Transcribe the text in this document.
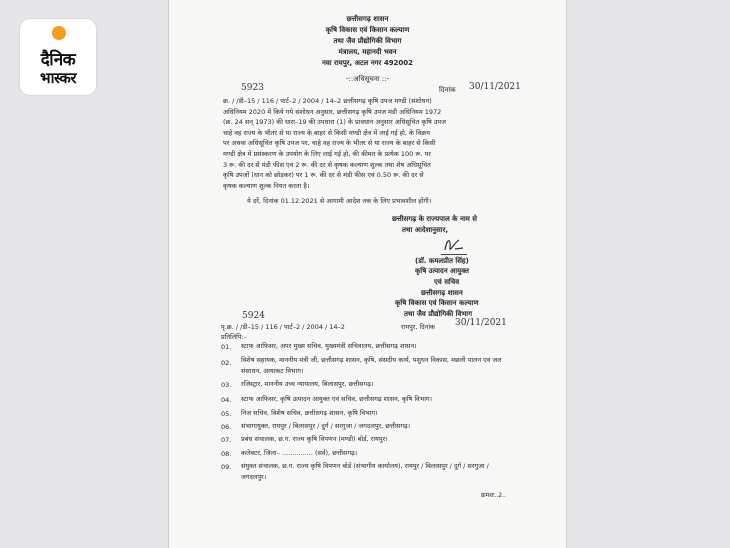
दैनिक
भास्कर
छत्तीसगढ़ शासन
कृषि विकास एवं किसान कल्याण
तथा जैव प्रौद्योगिकी विभाग
मंत्रालय, महानदी भवन
नवा रायपुर, अटल नगर 492002
-::अधिसूचना ::-
5923	दिनांक 30/11/2021
क्र. / /डी–15 / 116 / पार्ट–2 / 2004 / 14–2 छत्तीसगढ़ कृषि उपज मण्डी (संशोधन)
अधिनियम 2020 में किये गये संशोधन अनुसार, छत्तीसगढ़ कृषि उपज मंडी अधिनियम 1972
(क्र. 24 सन् 1973) की धारा–19 की उपधारा (1) के प्रावधान अनुसार अधिसूचित कृषि उपज
चाहे वह राज्य के भीतर से या राज्य के बाहर से किसी मण्डी क्षेत्र में लाई गई हो, के विक्रय
पर अथवा अधिसूचित कृषि उपज पर, चाहे वह राज्य के भीतर से या राज्य के बाहर से किसी
मण्डी क्षेत्र में प्रसंस्करण के उपयोग के लिए लाई गई हो, की कीमत के प्रत्येक 100 रू. पर
3 रू. की दर से मंडी फीस एवं 2 रू. की दर से कृषक कल्याण शुल्क तथा शेष अधिसूचित
कृषि उपजों (धान को छोड़कर) पर 1 रू. की दर से मंडी फीस एवं 0.50 रू. की दर से
कृषक कल्याण शुल्क नियत करता है।
ये दरें, दिनांक 01.12.2021 से आगामी आदेश तक के लिए प्रभावशील होंगी।
छत्तीसगढ़ के राज्यपाल के नाम से
तथा आदेशानुसार,
(डॉ. कमलप्रीत सिंह)
कृषि उत्पादन आयुक्त
एवं सचिव
छत्तीसगढ़ शासन
कृषि विकास एवं किसान कल्याण
तथा जैव प्रौद्योगिकी विभाग
5924
पृ.क्र. / /डी–15 / 116 / पार्ट–2 / 2004 / 14–2	रायपुर, दिनांक 30/11/2021
प्रतिलिपि:-
01. स्टाफ आफिसर, अपर मुख्य सचिव, मुख्यमंत्री सचिवालय, छत्तीसगढ़ शासन।
02. विशेष सहायक, माननीय मंत्री जी, छत्तीसगढ़ शासन, कृषि, संसदीय कार्य, पशुधन विकास, मछली पालन एवं जल संसाधन, आयाकट विभाग।
03. रजिस्ट्रार, माननीय उच्च न्यायालय, बिलासपुर, छत्तीसगढ़।
04. स्टाफ आफिसर, कृषि उत्पादन आयुक्त एवं सचिव, छत्तीसगढ़ शासन, कृषि विभाग।
05. निज सचिव, विशेष सचिव, छत्तीसगढ़ शासन, कृषि विभाग।
06. संभागायुक्त, रायपुर / बिलासपुर / दुर्ग / सरगुजा / जगदलपुर, छत्तीसगढ़।
07. प्रबंध संचालक, छ.ग. राज्य कृषि विपणन (मण्डी) बोर्ड, रायपुर।
08. कलेक्टर, जिला– ............... (सर्व), छत्तीसगढ़।
09. संयुक्त संचालक, छ.ग. राज्य कृषि विपणन बोर्ड (संभागीय कार्यालय), रायपुर / बिलासपुर / दुर्ग / सरगुजा / जगदलपुर।
क्रमशः..2..
